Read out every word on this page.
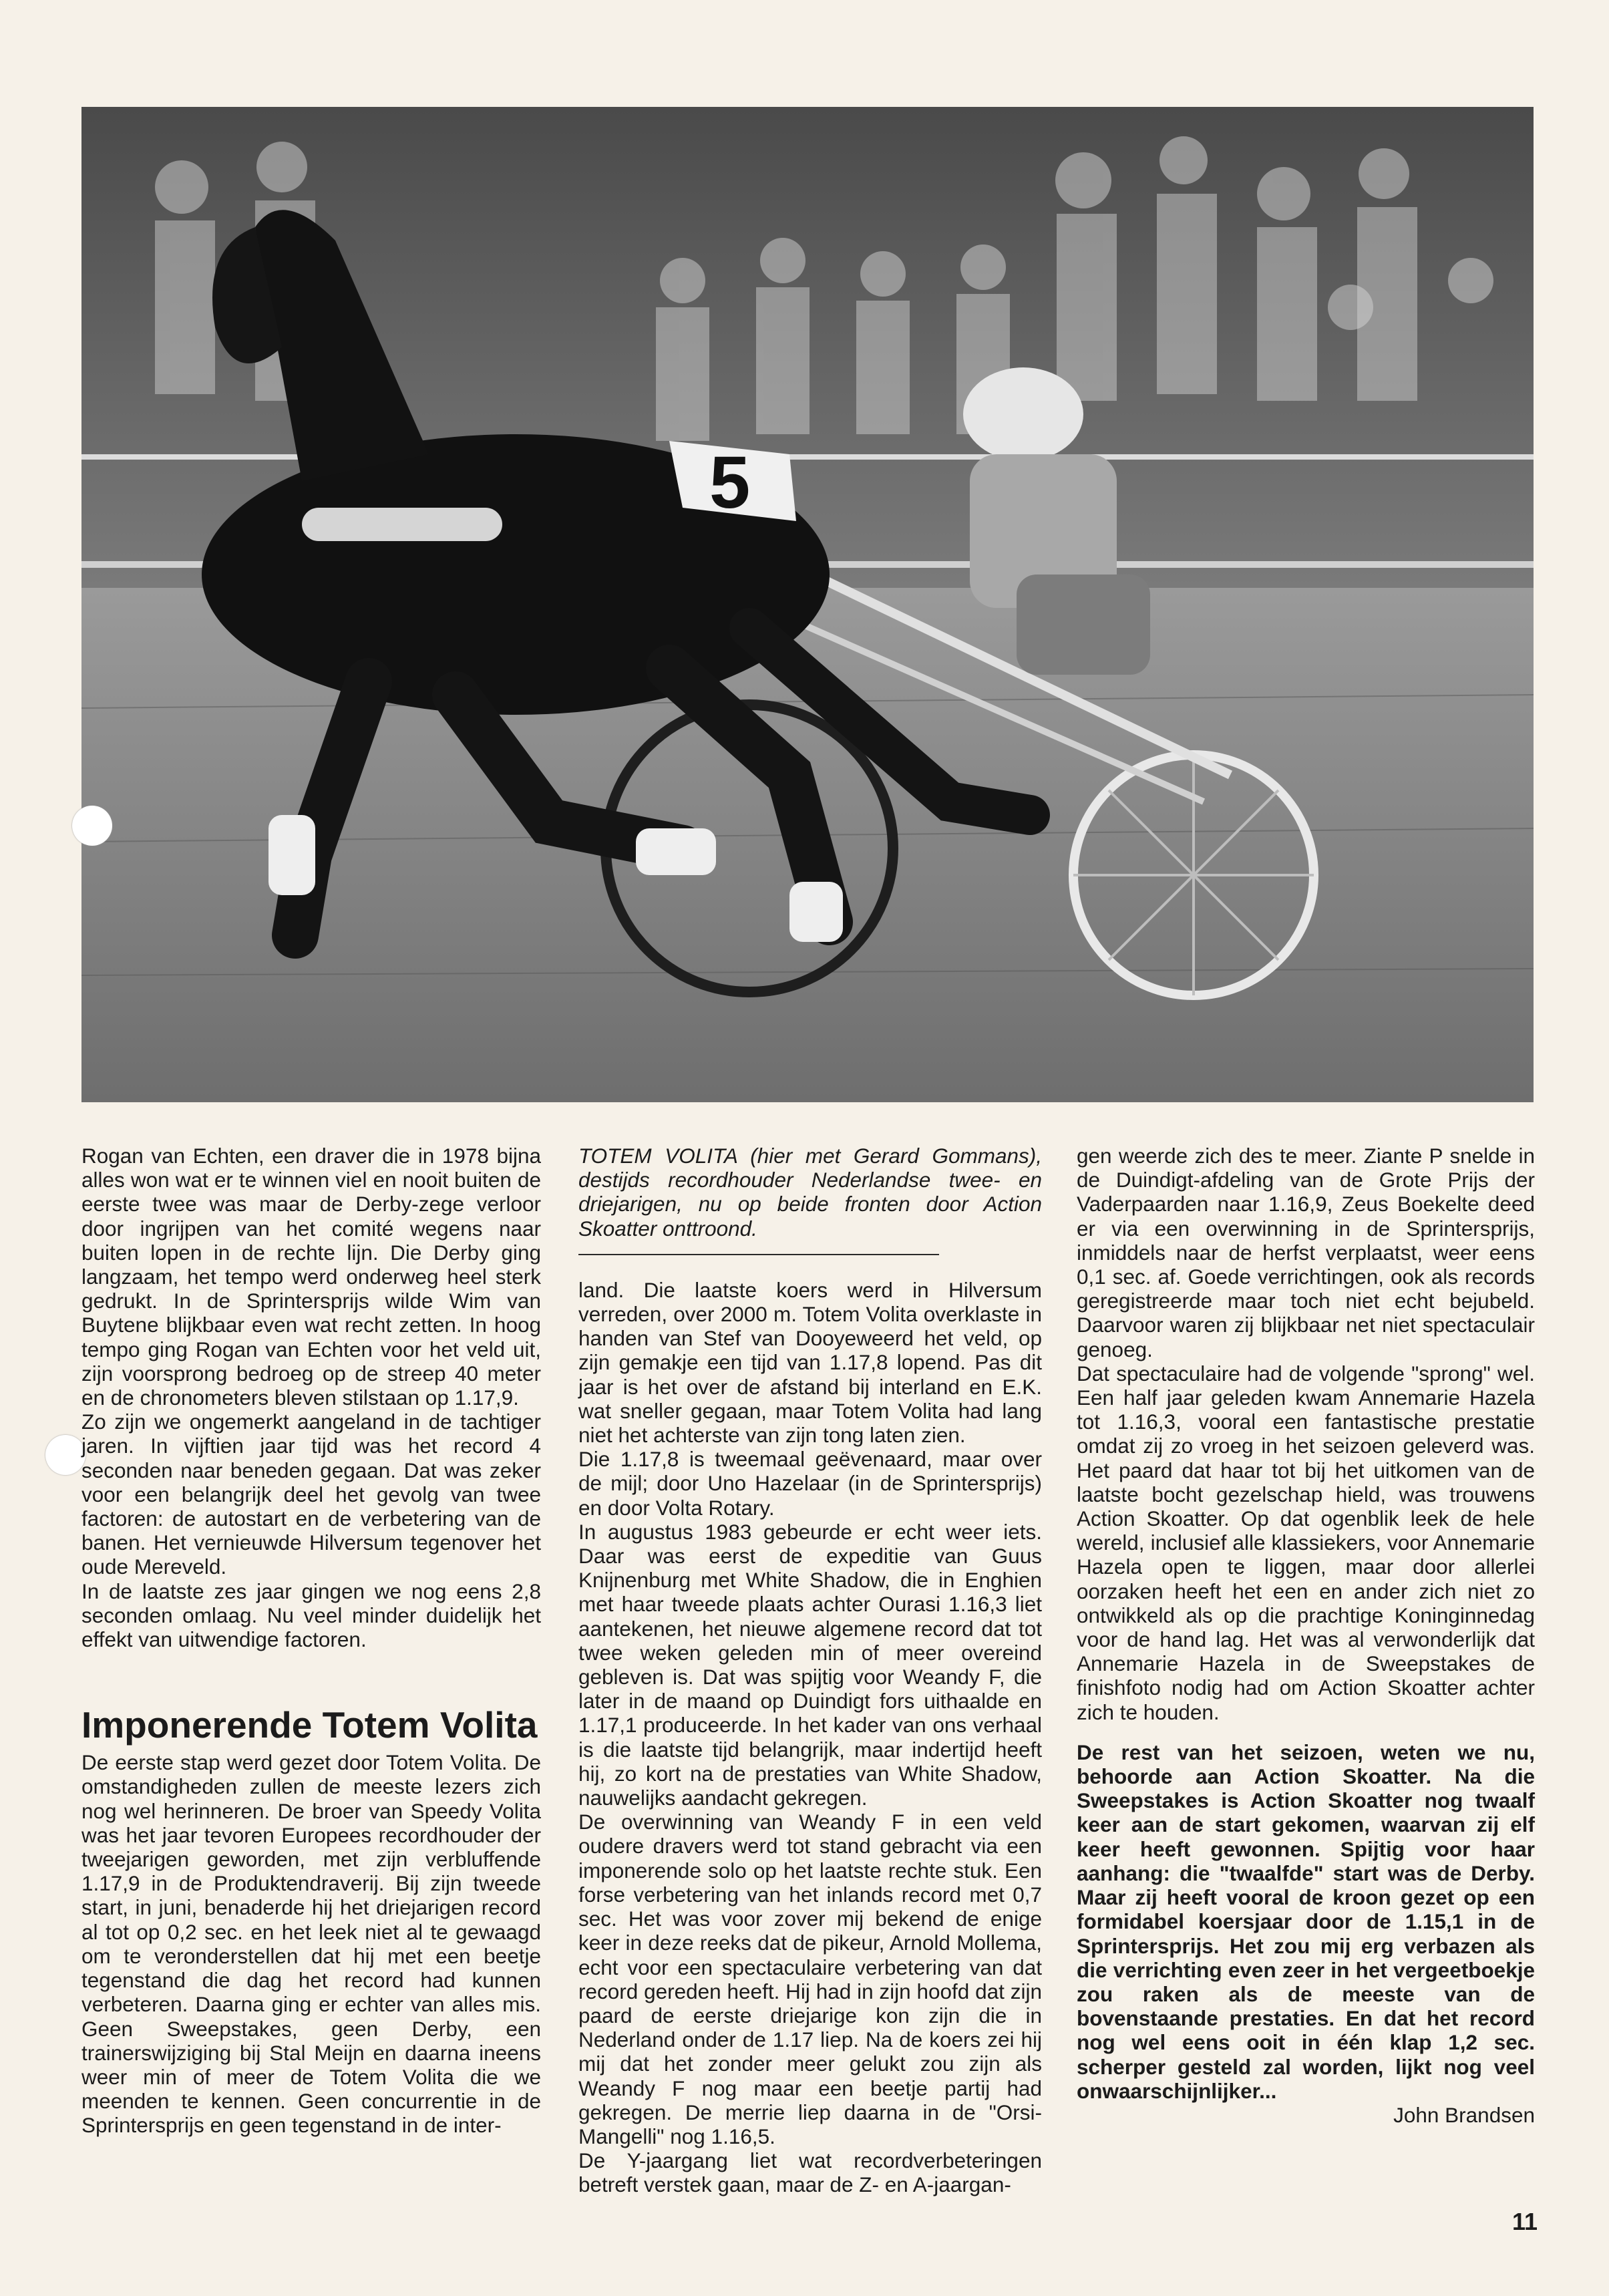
5

Rogan van Echten, een draver die in 1978 bijna alles won wat er te winnen viel en nooit buiten de eerste twee was maar de Derby-zege verloor door ingrijpen van het comité wegens naar buiten lopen in de rechte lijn. Die Derby ging langzaam, het tempo werd onderweg heel sterk gedrukt. In de Sprintersprijs wilde Wim van Buytene blijkbaar even wat recht zetten. In hoog tempo ging Rogan van Echten voor het veld uit, zijn voorsprong bedroeg op de streep 40 meter en de chronometers bleven stilstaan op 1.17,9.

Zo zijn we ongemerkt aangeland in de tachtiger jaren. In vijftien jaar tijd was het record 4 seconden naar beneden gegaan. Dat was zeker voor een belangrijk deel het gevolg van twee factoren: de autostart en de verbetering van de banen. Het vernieuwde Hilversum tegenover het oude Mereveld.

In de laatste zes jaar gingen we nog eens 2,8 seconden omlaag. Nu veel minder duidelijk het effekt van uitwendige factoren.

Imponerende Totem Volita

De eerste stap werd gezet door Totem Volita. De omstandigheden zullen de meeste lezers zich nog wel herinneren. De broer van Speedy Volita was het jaar tevoren Europees recordhouder der tweejarigen geworden, met zijn verbluffende 1.17,9 in de Produktendraverij. Bij zijn tweede start, in juni, benaderde hij het driejarigen record al tot op 0,2 sec. en het leek niet al te gewaagd om te veronderstellen dat hij met een beetje tegenstand die dag het record had kunnen verbeteren. Daarna ging er echter van alles mis. Geen Sweepstakes, geen Derby, een trainerswijziging bij Stal Meijn en daarna ineens weer min of meer de Totem Volita die we meenden te kennen. Geen concurrentie in de Sprintersprijs en geen tegenstand in de inter-

TOTEM VOLITA (hier met Gerard Gommans), destijds recordhouder Nederlandse twee- en driejarigen, nu op beide fronten door Action Skoatter onttroond.

land. Die laatste koers werd in Hilversum verreden, over 2000 m. Totem Volita overklaste in handen van Stef van Dooyeweerd het veld, op zijn gemakje een tijd van 1.17,8 lopend. Pas dit jaar is het over de afstand bij interland en E.K. wat sneller gegaan, maar Totem Volita had lang niet het achterste van zijn tong laten zien.

Die 1.17,8 is tweemaal geëvenaard, maar over de mijl; door Uno Hazelaar (in de Sprintersprijs) en door Volta Rotary.

In augustus 1983 gebeurde er echt weer iets. Daar was eerst de expeditie van Guus Knijnenburg met White Shadow, die in Enghien met haar tweede plaats achter Ourasi 1.16,3 liet aantekenen, het nieuwe algemene record dat tot twee weken geleden min of meer overeind gebleven is. Dat was spijtig voor Weandy F, die later in de maand op Duindigt fors uithaalde en 1.17,1 produceerde. In het kader van ons verhaal is die laatste tijd belangrijk, maar indertijd heeft hij, zo kort na de prestaties van White Shadow, nauwelijks aandacht gekregen.

De overwinning van Weandy F in een veld oudere dravers werd tot stand gebracht via een imponerende solo op het laatste rechte stuk. Een forse verbetering van het inlands record met 0,7 sec. Het was voor zover mij bekend de enige keer in deze reeks dat de pikeur, Arnold Mollema, echt voor een spectaculaire verbetering van dat record gereden heeft. Hij had in zijn hoofd dat zijn paard de eerste driejarige kon zijn die in Nederland onder de 1.17 liep. Na de koers zei hij mij dat het zonder meer gelukt zou zijn als Weandy F nog maar een beetje partij had gekregen. De merrie liep daarna in de "Orsi-Mangelli" nog 1.16,5.

De Y-jaargang liet wat recordverbeteringen betreft verstek gaan, maar de Z- en A-jaargan-

gen weerde zich des te meer. Ziante P snelde in de Duindigt-afdeling van de Grote Prijs der Vaderpaarden naar 1.16,9, Zeus Boekelte deed er via een overwinning in de Sprintersprijs, inmiddels naar de herfst verplaatst, weer eens 0,1 sec. af. Goede verrichtingen, ook als records geregistreerde maar toch niet echt bejubeld. Daarvoor waren zij blijkbaar net niet spectaculair genoeg.

Dat spectaculaire had de volgende "sprong" wel. Een half jaar geleden kwam Annemarie Hazela tot 1.16,3, vooral een fantastische prestatie omdat zij zo vroeg in het seizoen geleverd was. Het paard dat haar tot bij het uitkomen van de laatste bocht gezelschap hield, was trouwens Action Skoatter. Op dat ogenblik leek de hele wereld, inclusief alle klassiekers, voor Annemarie Hazela open te liggen, maar door allerlei oorzaken heeft het een en ander zich niet zo ontwikkeld als op die prachtige Koninginnedag voor de hand lag. Het was al verwonderlijk dat Annemarie Hazela in de Sweepstakes de finishfoto nodig had om Action Skoatter achter zich te houden.

De rest van het seizoen, weten we nu, behoorde aan Action Skoatter. Na die Sweepstakes is Action Skoatter nog twaalf keer aan de start gekomen, waarvan zij elf keer heeft gewonnen. Spijtig voor haar aanhang: die "twaalfde" start was de Derby. Maar zij heeft vooral de kroon gezet op een formidabel koersjaar door de 1.15,1 in de Sprintersprijs. Het zou mij erg verbazen als die verrichting even zeer in het vergeetboekje zou raken als de meeste van de bovenstaande prestaties. En dat het record nog wel eens ooit in één klap 1,2 sec. scherper gesteld zal worden, lijkt nog veel onwaarschijnlijker...

John Brandsen

11
